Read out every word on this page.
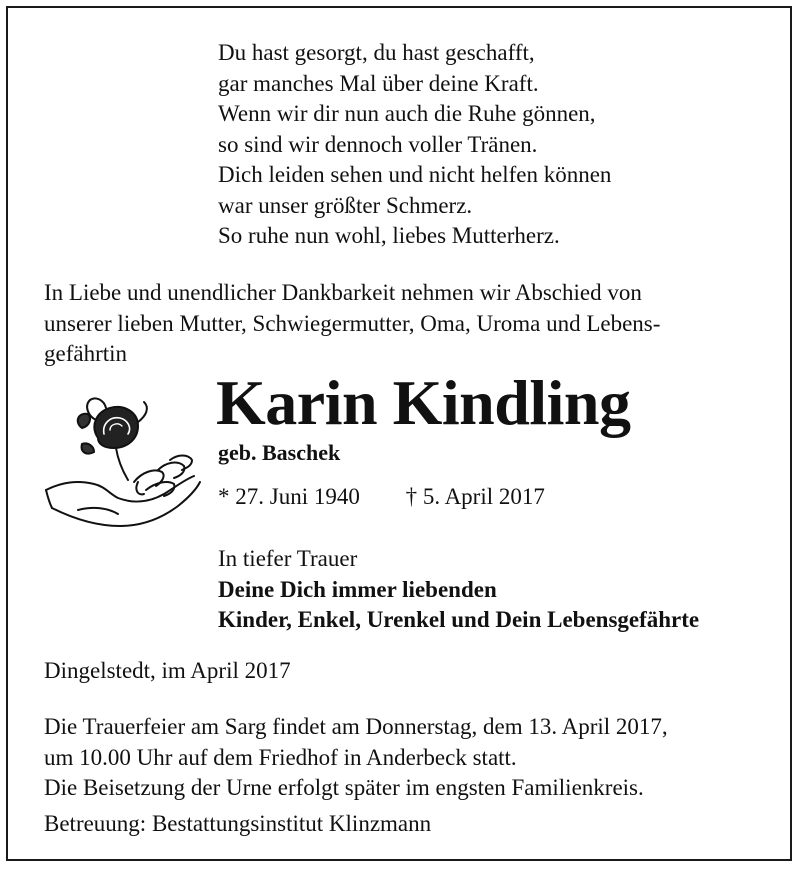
Du hast gesorgt, du hast geschafft,
gar manches Mal über deine Kraft.
Wenn wir dir nun auch die Ruhe gönnen,
so sind wir dennoch voller Tränen.
Dich leiden sehen und nicht helfen können
war unser größter Schmerz.
So ruhe nun wohl, liebes Mutterherz.
In Liebe und unendlicher Dankbarkeit nehmen wir Abschied von
unserer lieben Mutter, Schwiegermutter, Oma, Uroma und Lebens-
gefährtin
Karin Kindling
geb. Baschek
* 27. Juni 1940 † 5. April 2017
In tiefer Trauer
Deine Dich immer liebenden
Kinder, Enkel, Urenkel und Dein Lebensgefährte
Dingelstedt, im April 2017
Die Trauerfeier am Sarg findet am Donnerstag, dem 13. April 2017,
um 10.00 Uhr auf dem Friedhof in Anderbeck statt.
Die Beisetzung der Urne erfolgt später im engsten Familienkreis.
Betreuung: Bestattungsinstitut Klinzmann
